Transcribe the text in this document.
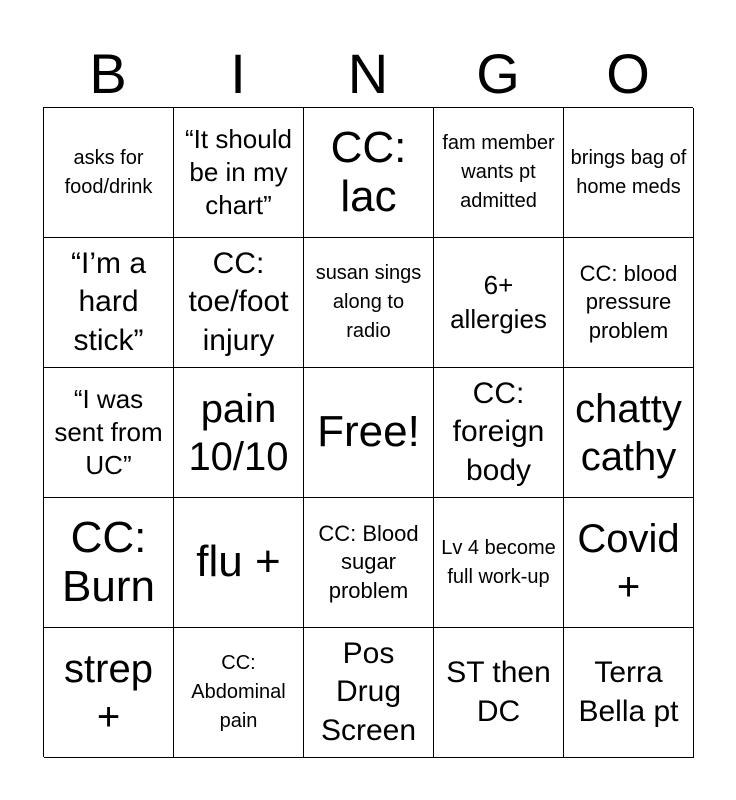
B	I	N	G	O
asks for food/drink
“It should be in my chart”
CC: lac
fam member wants pt admitted
brings bag of home meds
“I’m a hard stick”
CC: toe/foot injury
susan sings along to radio
6+ allergies
CC: blood pressure problem
“I was sent from UC”
pain 10/10
Free!
CC: foreign body
chatty cathy
CC: Burn flu +
CC: Blood sugar problem
Lv 4 become full work-up
Covid +
strep +
CC: Abdominal pain
Pos Drug Screen
ST then DC
Terra Bella pt
